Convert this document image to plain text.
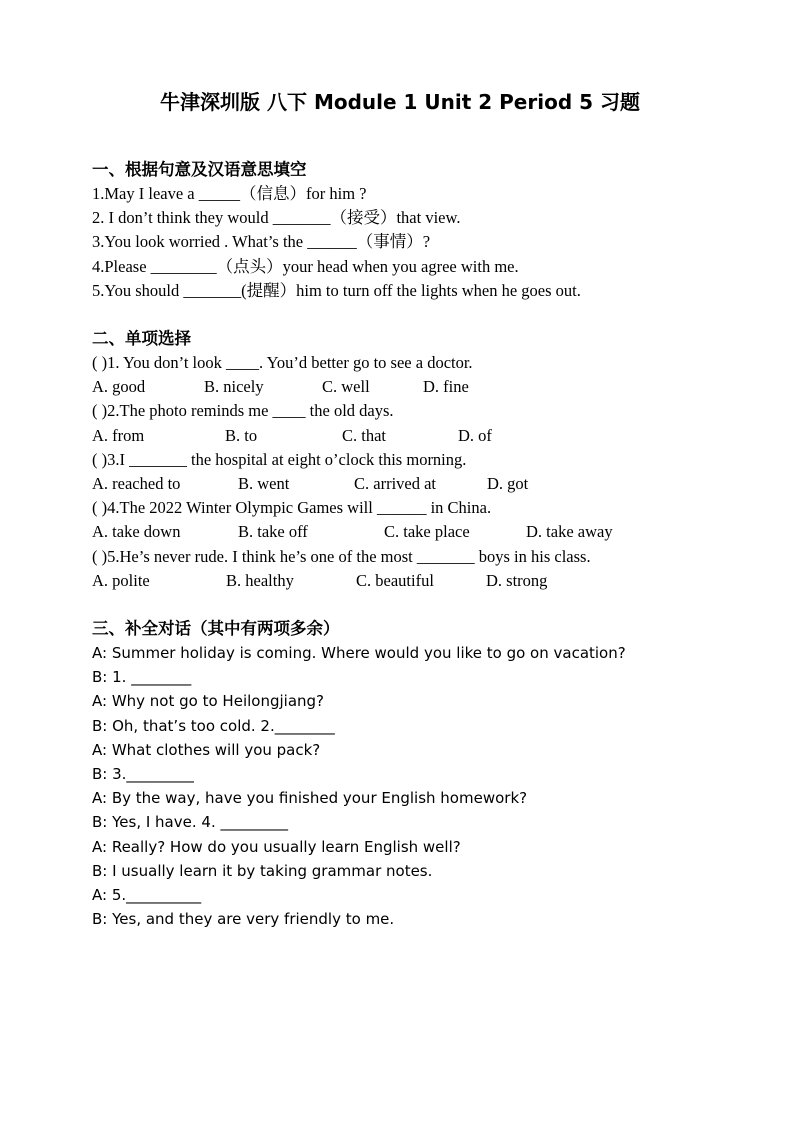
牛津深圳版 八下 Module 1 Unit 2 Period 5 习题
一、根据句意及汉语意思填空
1.May I leave a _____（信息）for him ?
2. I don’t think they would _______（接受）that view.
3.You look worried . What’s the ______（事情）?
4.Please ________（点头）your head when you agree with me.
5.You should _______(提醒）him to turn off the lights when he goes out.
二、单项选择
( )1. You don’t look ____. You’d better go to see a doctor.
A. good	B. nicely	C. well	D. fine
( )2.The photo reminds me ____ the old days.
A. from	B. to	C. that	D. of
( )3.I _______ the hospital at eight o’clock this morning.
A. reached to	B. went	C. arrived at	D. got
( )4.The 2022 Winter Olympic Games will ______ in China.
A. take down	B. take off	C. take place	D. take away
( )5.He’s never rude. I think he’s one of the most _______ boys in his class.
A. polite	B. healthy	C. beautiful	D. strong
三、补全对话（其中有两项多余）
A: Summer holiday is coming. Where would you like to go on vacation?
B: 1. ________
A: Why not go to Heilongjiang?
B: Oh, that’s too cold. 2.________
A: What clothes will you pack?
B: 3._________
A: By the way, have you finished your English homework?
B: Yes, I have. 4. _________
A: Really? How do you usually learn English well?
B: I usually learn it by taking grammar notes.
A: 5.__________
B: Yes, and they are very friendly to me.
